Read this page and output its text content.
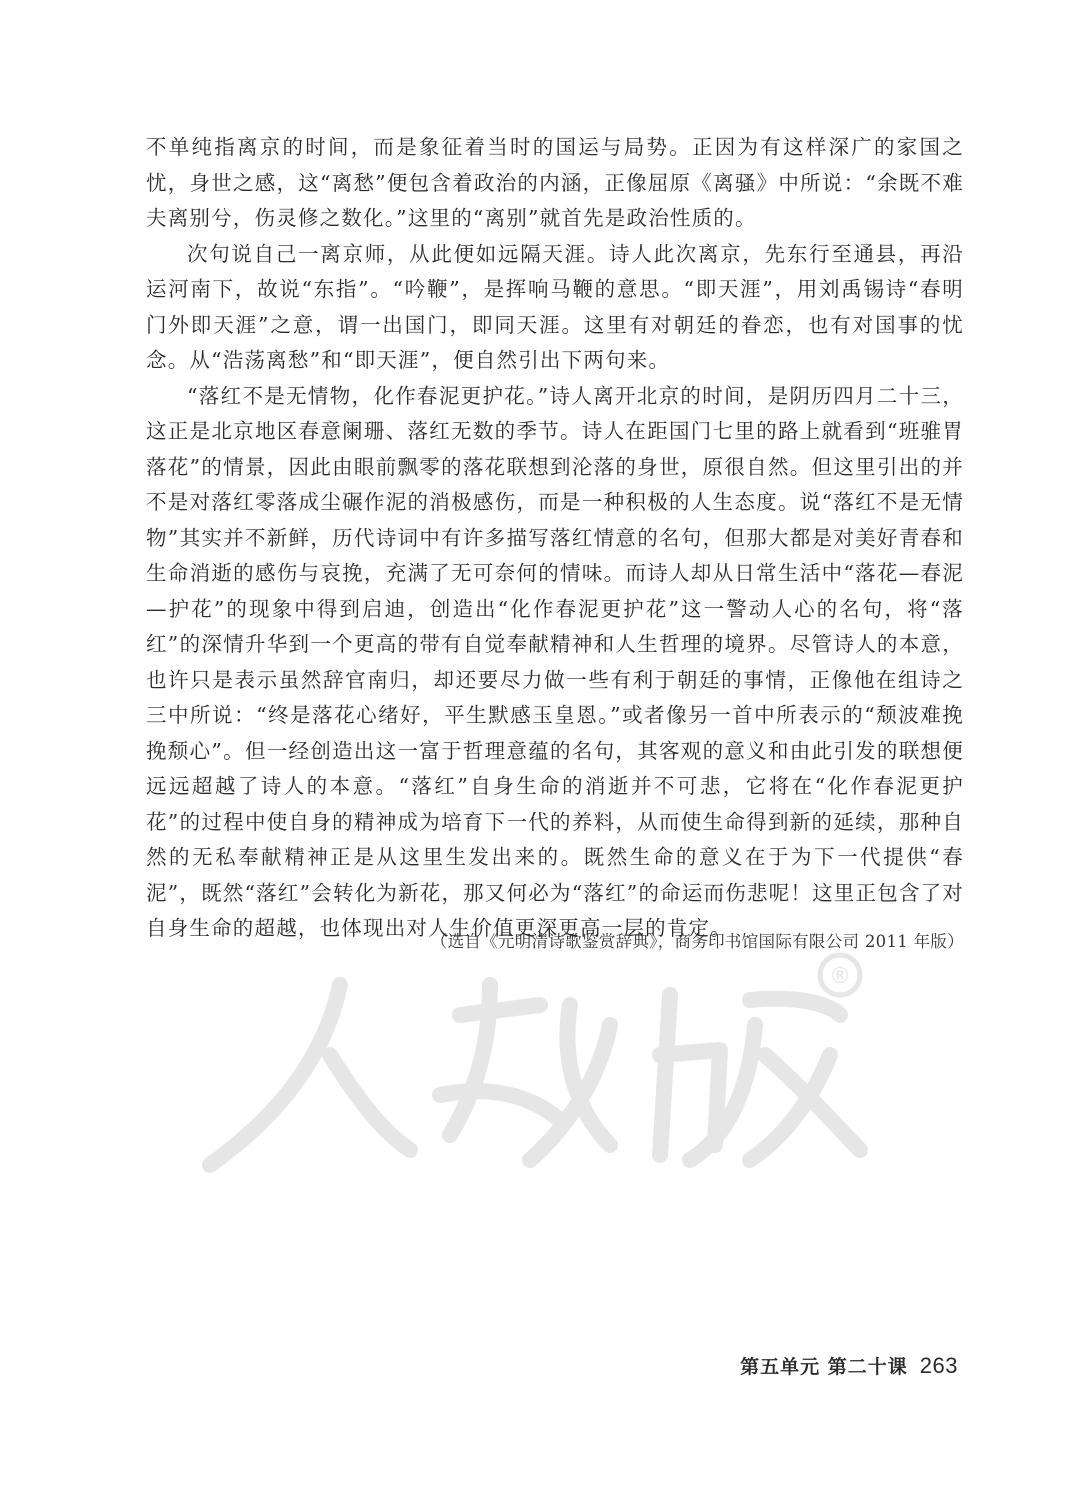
不单纯指离京的时间，而是象征着当时的国运与局势。正因为有这样深广的家国之忧，身世之感，这“离愁”便包含着政治的内涵，正像屈原《离骚》中所说：“余既不难夫离别兮，伤灵修之数化。”这里的“离别”就首先是政治性质的。

次句说自己一离京师，从此便如远隔天涯。诗人此次离京，先东行至通县，再沿运河南下，故说“东指”。“吟鞭”，是挥响马鞭的意思。“即天涯”，用刘禹锡诗“春明门外即天涯”之意，谓一出国门，即同天涯。这里有对朝廷的眷恋，也有对国事的忧念。从“浩荡离愁”和“即天涯”，便自然引出下两句来。

“落红不是无情物，化作春泥更护花。”诗人离开北京的时间，是阴历四月二十三，这正是北京地区春意阑珊、落红无数的季节。诗人在距国门七里的路上就看到“班骓胃落花”的情景，因此由眼前飘零的落花联想到沦落的身世，原很自然。但这里引出的并不是对落红零落成尘碾作泥的消极感伤，而是一种积极的人生态度。说“落红不是无情物”其实并不新鲜，历代诗词中有许多描写落红情意的名句，但那大都是对美好青春和生命消逝的感伤与哀挽，充满了无可奈何的情味。而诗人却从日常生活中“落花—春泥—护花”的现象中得到启迪，创造出“化作春泥更护花”这一警动人心的名句，将“落红”的深情升华到一个更高的带有自觉奉献精神和人生哲理的境界。尽管诗人的本意，也许只是表示虽然辞官南归，却还要尽力做一些有利于朝廷的事情，正像他在组诗之三中所说：“终是落花心绪好，平生默感玉皇恩。”或者像另一首中所表示的“颓波难挽挽颓心”。但一经创造出这一富于哲理意蕴的名句，其客观的意义和由此引发的联想便远远超越了诗人的本意。“落红”自身生命的消逝并不可悲，它将在“化作春泥更护花”的过程中使自身的精神成为培育下一代的养料，从而使生命得到新的延续，那种自然的无私奉献精神正是从这里生发出来的。既然生命的意义在于为下一代提供“春泥”，既然“落红”会转化为新花，那又何必为“落红”的命运而伤悲呢！这里正包含了对自身生命的超越，也体现出对人生价值更深更高一层的肯定。

（选自《元明清诗歌鉴赏辞典》，商务印书馆国际有限公司 2011 年版）
®
第五单元 第二十课 263
